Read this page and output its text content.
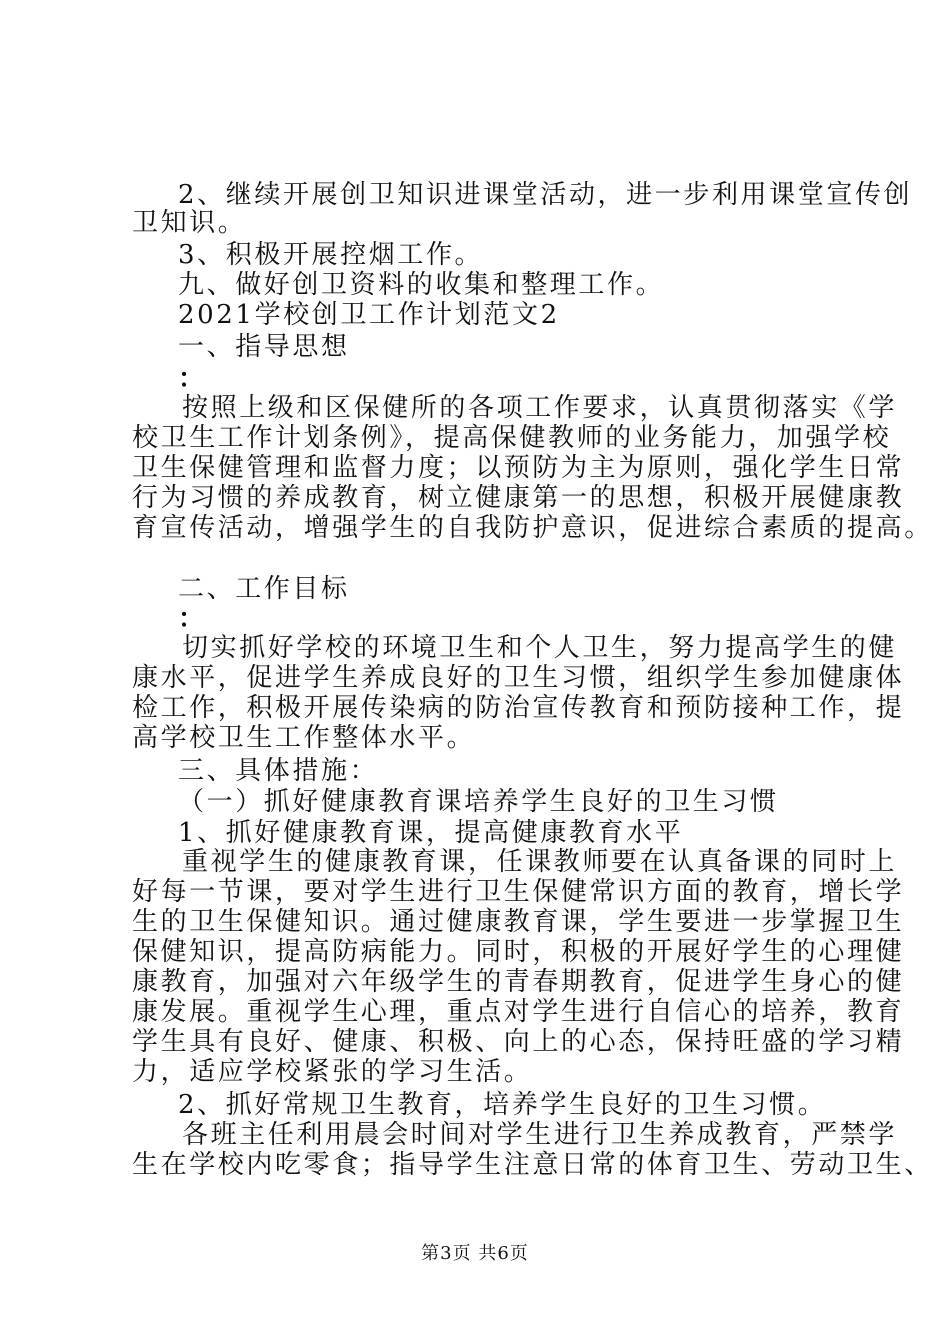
2、继续开展创卫知识进课堂活动，进一步利用课堂宣传创
卫知识。
3、积极开展控烟工作。
九、做好创卫资料的收集和整理工作。
2021学校创卫工作计划范文2
一、指导思想
：
按照上级和区保健所的各项工作要求，认真贯彻落实《学
校卫生工作计划条例》，提高保健教师的业务能力，加强学校
卫生保健管理和监督力度；以预防为主为原则，强化学生日常
行为习惯的养成教育，树立健康第一的思想，积极开展健康教
育宣传活动，增强学生的自我防护意识，促进综合素质的提高。
二、工作目标
：
切实抓好学校的环境卫生和个人卫生，努力提高学生的健
康水平，促进学生养成良好的卫生习惯，组织学生参加健康体
检工作，积极开展传染病的防治宣传教育和预防接种工作，提
高学校卫生工作整体水平。
三、具体措施：
（一）抓好健康教育课培养学生良好的卫生习惯
1、抓好健康教育课，提高健康教育水平
重视学生的健康教育课，任课教师要在认真备课的同时上
好每一节课，要对学生进行卫生保健常识方面的教育，增长学
生的卫生保健知识。通过健康教育课，学生要进一步掌握卫生
保健知识，提高防病能力。同时，积极的开展好学生的心理健
康教育，加强对六年级学生的青春期教育，促进学生身心的健
康发展。重视学生心理，重点对学生进行自信心的培养，教育
学生具有良好、健康、积极、向上的心态，保持旺盛的学习精
力，适应学校紧张的学习生活。
2、抓好常规卫生教育，培养学生良好的卫生习惯。
各班主任利用晨会时间对学生进行卫生养成教育，严禁学
生在学校内吃零食；指导学生注意日常的体育卫生、劳动卫生、
第3页 共6页
